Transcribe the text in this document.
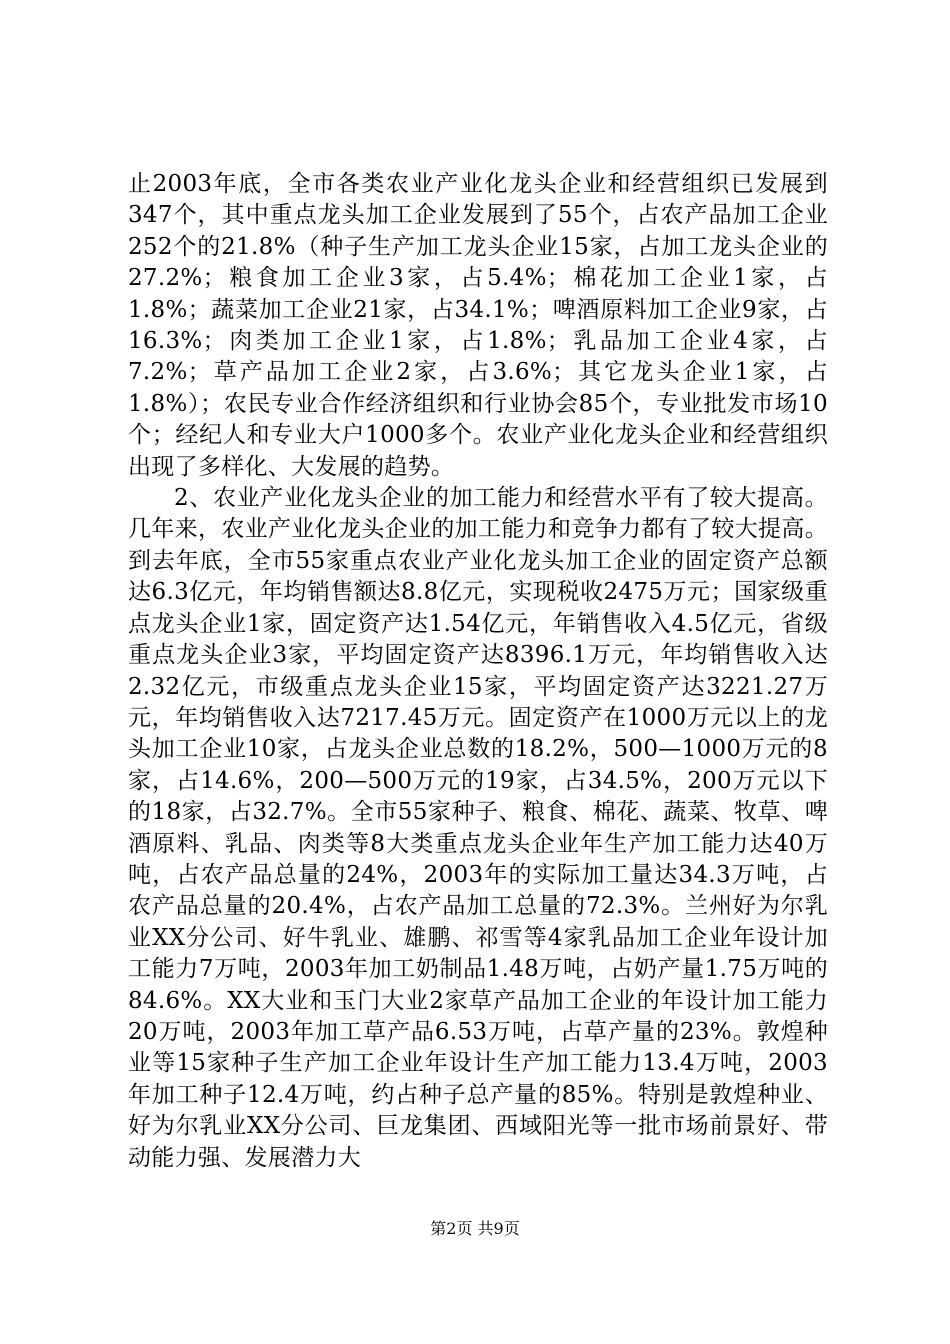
止2003年底，全市各类农业产业化龙头企业和经营组织已发展到347个，其中重点龙头加工企业发展到了55个，占农产品加工企业252个的21.8%（种子生产加工龙头企业15家，占加工龙头企业的27.2%；粮食加工企业3家，占5.4%；棉花加工企业1家，占1.8%；蔬菜加工企业21家，占34.1%；啤酒原料加工企业9家，占16.3%；肉类加工企业1家，占1.8%；乳品加工企业4家，占7.2%；草产品加工企业2家，占3.6%；其它龙头企业1家，占1.8%）；农民专业合作经济组织和行业协会85个，专业批发市场10个；经纪人和专业大户1000多个。农业产业化龙头企业和经营组织出现了多样化、大发展的趋势。

2、农业产业化龙头企业的加工能力和经营水平有了较大提高。几年来，农业产业化龙头企业的加工能力和竞争力都有了较大提高。到去年底，全市55家重点农业产业化龙头加工企业的固定资产总额达6.3亿元，年均销售额达8.8亿元，实现税收2475万元；国家级重点龙头企业1家，固定资产达1.54亿元，年销售收入4.5亿元，省级重点龙头企业3家，平均固定资产达8396.1万元，年均销售收入达2.32亿元，市级重点龙头企业15家，平均固定资产达3221.27万元，年均销售收入达7217.45万元。固定资产在1000万元以上的龙头加工企业10家，占龙头企业总数的18.2%，500—1000万元的8家，占14.6%，200—500万元的19家，占34.5%，200万元以下的18家，占32.7%。全市55家种子、粮食、棉花、蔬菜、牧草、啤酒原料、乳品、肉类等8大类重点龙头企业年生产加工能力达40万吨，占农产品总量的24%，2003年的实际加工量达34.3万吨，占农产品总量的20.4%，占农产品加工总量的72.3%。兰州好为尔乳业XX分公司、好牛乳业、雄鹏、祁雪等4家乳品加工企业年设计加工能力7万吨，2003年加工奶制品1.48万吨，占奶产量1.75万吨的84.6%。XX大业和玉门大业2家草产品加工企业的年设计加工能力20万吨，2003年加工草产品6.53万吨，占草产量的23%。敦煌种业等15家种子生产加工企业年设计生产加工能力13.4万吨，2003年加工种子12.4万吨，约占种子总产量的85%。特别是敦煌种业、好为尔乳业XX分公司、巨龙集团、西域阳光等一批市场前景好、带动能力强、发展潜力大

第2页 共9页
